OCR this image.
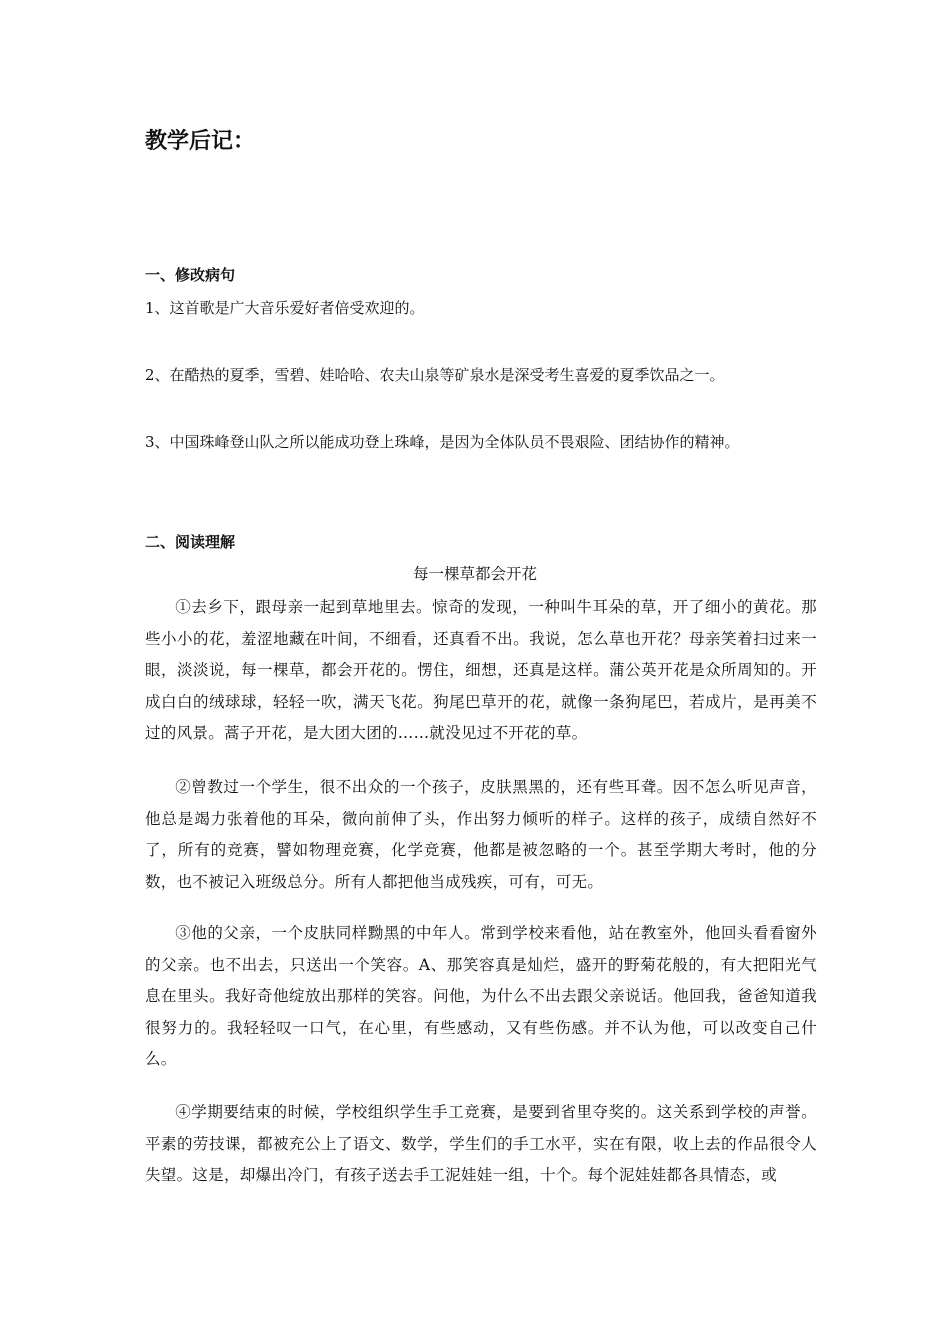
教学后记：
一、修改病句
1、这首歌是广大音乐爱好者倍受欢迎的。
2、在酷热的夏季，雪碧、娃哈哈、农夫山泉等矿泉水是深受考生喜爱的夏季饮品之一。
3、中国珠峰登山队之所以能成功登上珠峰，是因为全体队员不畏艰险、团结协作的精神。
二、阅读理解
每一棵草都会开花
①去乡下，跟母亲一起到草地里去。惊奇的发现，一种叫牛耳朵的草，开了细小的黄花。那些小小的花，羞涩地藏在叶间，不细看，还真看不出。我说，怎么草也开花？母亲笑着扫过来一眼，淡淡说，每一棵草，都会开花的。愣住，细想，还真是这样。蒲公英开花是众所周知的。开成白白的绒球球，轻轻一吹，满天飞花。狗尾巴草开的花，就像一条狗尾巴，若成片，是再美不过的风景。蒿子开花，是大团大团的……就没见过不开花的草。
②曾教过一个学生，很不出众的一个孩子，皮肤黑黑的，还有些耳聋。因不怎么听见声音，他总是竭力张着他的耳朵，微向前伸了头，作出努力倾听的样子。这样的孩子，成绩自然好不了，所有的竞赛，譬如物理竞赛，化学竞赛，他都是被忽略的一个。甚至学期大考时，他的分数，也不被记入班级总分。所有人都把他当成残疾，可有，可无。
③他的父亲，一个皮肤同样黝黑的中年人。常到学校来看他，站在教室外，他回头看看窗外的父亲。也不出去，只送出一个笑容。A、那笑容真是灿烂，盛开的野菊花般的，有大把阳光气息在里头。我好奇他绽放出那样的笑容。问他，为什么不出去跟父亲说话。他回我，爸爸知道我很努力的。我轻轻叹一口气，在心里，有些感动，又有些伤感。并不认为他，可以改变自己什么。
④学期要结束的时候，学校组织学生手工竞赛，是要到省里夺奖的。这关系到学校的声誉。平素的劳技课，都被充公上了语文、数学，学生们的手工水平，实在有限，收上去的作品很令人失望。这是，却爆出冷门，有孩子送去手工泥娃娃一组，十个。每个泥娃娃都各具情态，或
